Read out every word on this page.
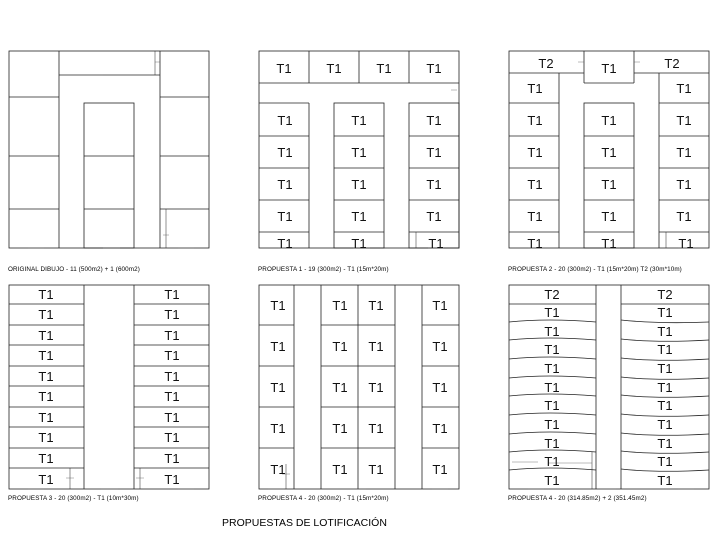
ORIGINAL DIBUJO - 11 (500m2) + 1 (600m2)
T1	T1	T1	T1
T1	T1	T1
T1	T1	T1
T1	T1	T1
T1	T1	T1
T1	T1	T1
PROPUESTA 1 - 19 (300m2) - T1 (15m*20m)
T2	T1	T2
T1	T1
T1	T1	T1
T1	T1	T1
T1	T1	T1
T1	T1	T1
T1	T1	T1
PROPUESTA 2 - 20 (300m2) - T1 (15m*20m) T2 (30m*10m)
T1	T1
T1	T1
T1	T1
T1	T1
T1	T1
T1	T1
T1	T1
T1	T1
T1	T1
T1	T1
PROPUESTA 3 - 20 (300m2) - T1 (10m*30m)
T1	T1 T1	T1
T1	T1 T1	T1
T1	T1 T1	T1
T1	T1 T1	T1
T1	T1 T1	T1
PROPUESTA 4 - 20 (300m2) - T1 (15m*20m)
T2	T2
T1	T1
T1	T1
T1	T1
T1	T1
T1	T1
T1	T1
T1	T1
T1	T1
T1	T1
T1	T1
PROPUESTA 4 - 20 (314.85m2) + 2 (351.45m2)
PROPUESTAS DE LOTIFICACIÓN
